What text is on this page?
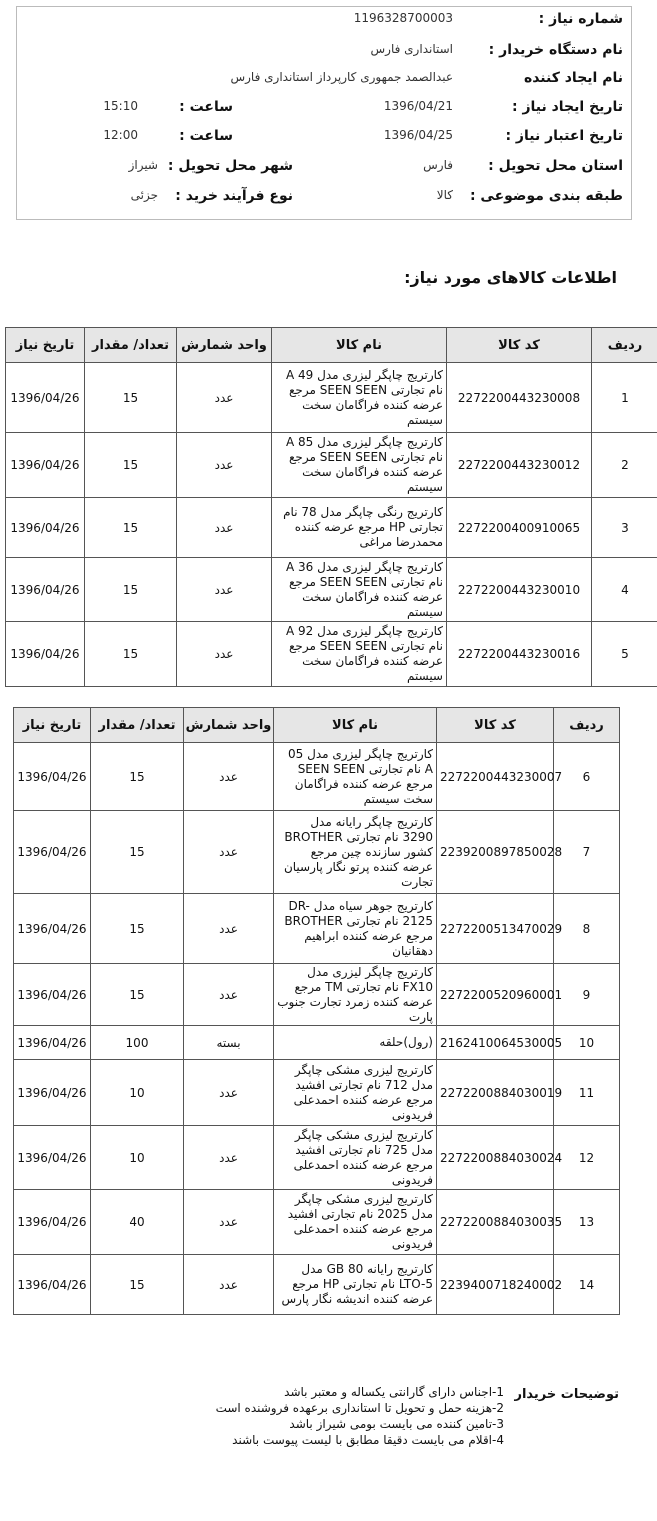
شماره نیاز :
1196328700003
نام دستگاه خریدار :
استانداری فارس
نام ایجاد کننده
عبدالصمد جمهوری کارپرداز استانداری فارس
تاریخ ایجاد نیاز :
1396/04/21
ساعت :
15:10
تاریخ اعتبار نیاز :
1396/04/25
ساعت :
12:00
استان محل تحویل :
فارس
شهر محل تحویل :
شیراز
طبقه بندی موضوعی :
کالا
نوع فرآیند خرید :
جزئی
اطلاعات کالاهای مورد نیاز:
ردیف	کد کالا	نام کالا	واحد شمارش	تعداد/ مقدار	تاریخ نیاز
1	2272200443230008	کارتریج چاپگر لیزری مدل 49 A نام تجارتی SEEN SEEN مرجع عرضه کننده فراگامان سخت سیستم	عدد	15	1396/04/26
2	2272200443230012	کارتریج چاپگر لیزری مدل 85 A نام تجارتی SEEN SEEN مرجع عرضه کننده فراگامان سخت سیستم	عدد	15	1396/04/26
3	2272200400910065	کارتریج رنگی چاپگر مدل 78 نام تجارتی HP مرجع عرضه کننده محمدرضا مراغی	عدد	15	1396/04/26
4	2272200443230010	کارتریج چاپگر لیزری مدل 36 A نام تجارتی SEEN SEEN مرجع عرضه کننده فراگامان سخت سیستم	عدد	15	1396/04/26
5	2272200443230016	کارتریج چاپگر لیزری مدل 92 A نام تجارتی SEEN SEEN مرجع عرضه کننده فراگامان سخت سیستم	عدد	15	1396/04/26
ردیف	کد کالا	نام کالا	واحد شمارش	تعداد/ مقدار	تاریخ نیاز
6	2272200443230007	کارتریج چاپگر لیزری مدل 05 A نام تجارتی SEEN SEEN مرجع عرضه کننده فراگامان سخت سیستم	عدد	15	1396/04/26
7	2239200897850028	کارتریج چاپگر رایانه مدل 3290 نام تجارتی BROTHER کشور سازنده چین مرجع عرضه کننده پرتو نگار پارسیان تجارت	عدد	15	1396/04/26
8	2272200513470029	کارتریج جوهر سیاه مدل DR-2125 نام تجارتی BROTHER مرجع عرضه کننده ابراهیم دهقانیان	عدد	15	1396/04/26
9	2272200520960001	کارتریج چاپگر لیزری مدل FX10 نام تجارتی TM مرجع عرضه کننده زمرد تجارت جنوب پارت	عدد	15	1396/04/26
10	2162410064530005	(رول)حلقه	بسته	100	1396/04/26
11	2272200884030019	کارتریج لیزری مشکی چاپگر مدل 712 نام تجارتی افشید مرجع عرضه کننده احمدعلی فریدونی	عدد	10	1396/04/26
12	2272200884030024	کارتریج لیزری مشکی چاپگر مدل 725 نام تجارتی افشید مرجع عرضه کننده احمدعلی فریدونی	عدد	10	1396/04/26
13	2272200884030035	کارتریج لیزری مشکی چاپگر مدل 2025 نام تجارتی افشید مرجع عرضه کننده احمدعلی فریدونی	عدد	40	1396/04/26
14	2239400718240002	کارتریج رایانه 80 GB مدل LTO-5 نام تجارتی HP مرجع عرضه کننده اندیشه نگار پارس	عدد	15	1396/04/26
توضیحات خریدار
1-اجناس دارای گارانتی یکساله و معتبر باشد
2-هزینه حمل و تحویل تا استانداری برعهده فروشنده است
3-تامین کننده می بایست بومی شیراز باشد
4-اقلام می بایست دقیقا مطابق با لیست پیوست باشند
